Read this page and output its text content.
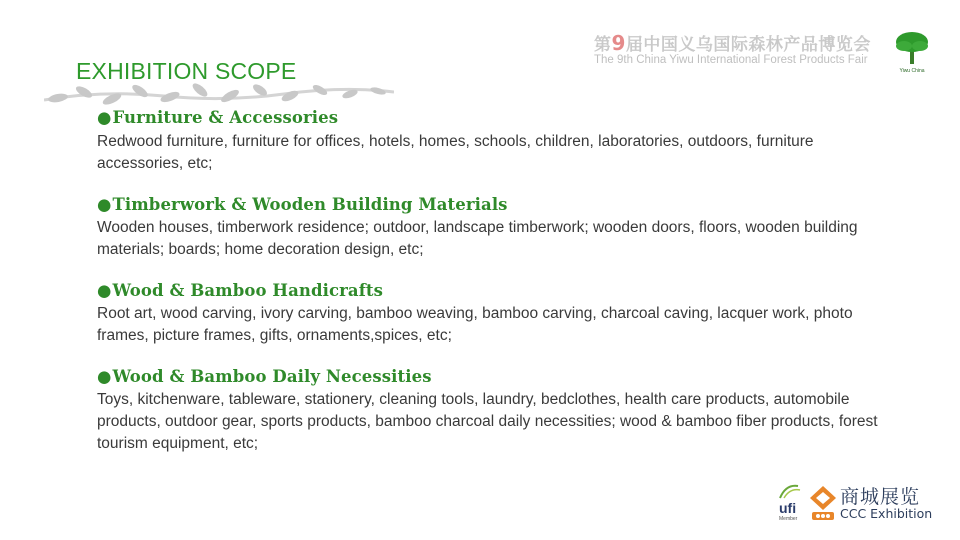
EXHIBITION SCOPE
第9届中国义乌国际森林产品博览会
The 9th China Yiwu International Forest Products Fair
Yiwu China
●Furniture & Accessories
Redwood furniture, furniture for offices, hotels, homes, schools, children, laboratories, outdoors, furniture accessories, etc;
●Timberwork & Wooden Building Materials
Wooden houses, timberwork residence; outdoor, landscape timberwork; wooden doors, floors, wooden building materials; boards; home decoration design, etc;
●Wood & Bamboo Handicrafts
Root art, wood carving, ivory carving, bamboo weaving, bamboo carving, charcoal caving, lacquer work, photo frames, picture frames, gifts, ornaments,spices, etc;
●Wood & Bamboo Daily Necessities
Toys, kitchenware, tableware, stationery, cleaning tools, laundry, bedclothes, health care products, automobile products, outdoor gear, sports products, bamboo charcoal daily necessities; wood & bamboo fiber products, forest tourism equipment, etc;
ufi
Member
商城展览
CCC Exhibition
